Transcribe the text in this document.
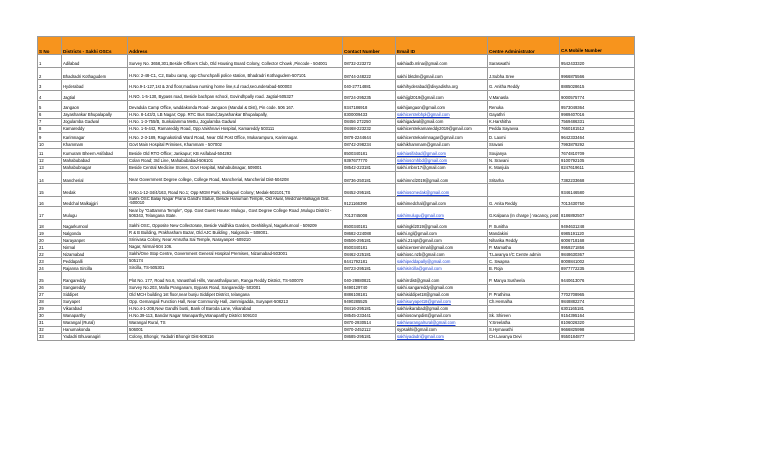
S No	Districts - Sakhi OSCs	Address	Contact Number	Email ID	Centre Administrator	CA Mobile Number
1	Adilabad	Survey No. 3658,301,Beside Officers Club, Old Housing Board Colony, Collector Chowk ,Pincode - 504001	08732-223272	sakhiadb.mlna@gmail.com	Saraswathi	9542433320
2	Bhadradri Kothagudem	H.No: 2-48-C1, C2, Babu camp, opp Chunchpalli police station, Bhadradri Kothagudem-507101	08744-248222	sakhi bktdm@gmail.com	J.Subha Sree	9966875566
3	Hyderabad	H.No.9-1-127,1st & 2nd floor,madava nursing home line,s.d road,secunderabad-500003	040-27714881	sakhihyderabad@divyadisha.org	G. Anitha Reddy	8885028615
4	Jagtial	H.NO. 1-5-130, Bypass road, Beside bachpan school, Govindhpally road. Jagtial-505327	08724-295235	sakhijgl2019@gmail.com	V.Manasla	9000575774
5	Jangaon	Devadula Camp Office, waddakonda Road- Jangaon (Mandal & Dist), Pin code. 506 167.	9347186918	sakhijangaon@gmail.com	Renuka	9573049364
6	Jayashankar Bhupalapally	H.No. 8-143/3, LB Nagar; Opp. RTC Bus Stand;Jayashankar Bhupalapally,	8300009433	sakhicentrebhpl@gmail.com	Gayathri	9989407016
7	Jogulamba Gadwal	H.No. 1-3-755/B, Sunkalamma Mettu, Jogulamba Gadwal	08456 272250	sakhigadwal@gmail.com	K.Harshitha	7569486331
8	Kamareddy	H.No. 1-5-442, Ramareddy Road, Opp.Vaishnavi Hospital, Kamareddy 503111	08468-223232	sakhicentrekamareddy2019@gmail.com	Pedda Sayavva	7660181512
9	Karimnagar	H.No. 2-3-189, Ragnakotindi Ward Road, Near Old Post Office, Mukarampura, Karimnagar.	0878-2244644	sakhicentrekarimnagar@gmail.com	D. Laxmi	9642333464
10	Khammam	Govt Main Hospital Primises, Khammam - 507002	08742-298234	sakhikhammam@gmail.com	Sravani	7993879292
11	Kumuram Bheem Asifabad	Beside Old RTO Office; Jankapur; KB Asifabad-504293	8500340181	sakhiasifabad@gmail.com	Soujanya	7674810709
12	Mahabubabad	Colan Road; 3rd Line, Mahabubabad-506101	9397677770	sakhioscmhbd@gmail.com	N. Sravani	9100792105
13	Mahabubnagar	Beside Central Medicine Stores, Govt Hospital, Mahabubnagar, 509001	08542-223181	sakhi.mbnr17@gmail.com	K. Manjula	8247619611
14	Mancherial	Near Government Degree college, College Road, Mancherial, Mancherial Dist-504208	08736-250181	sakhimncl2019@gmail.com	Sritarha	7382233668
15	Medak	H.No.1-12-34/4/163, Road No.1; Opp MGM Park; Indirapuri Colony; Medak-502101;TS	08452-295181	sakhioscmedak@gmail.com		9346146580
16	Medchal Malkajgiri	Sakhi OSC Balaji Nagar Prana Gandhi Statue, Beside Hanuman Temple, Old Alwal, Medchal-Malkajgiri Dist. -500010	9121166390	sakhimedchal@gmail.com	G. Anita Reddy	7013430750
17	Mulugu	Near by "Gattamma Temple", Opp. Govt Guest House: Mulugu , Govt Degree College Road ,Mulugu District - 506343, Telangana State.	7013745008	sakhimulugu@gmail.com	G.Kalpana (In charge ) Vacancy, post	8186892507
18	Nagarkurnool	Sakhi OSC, Opposite New Collectorate, Beside Vaidhika Garden, Deshitikyal, Nagarkurnool - 509209	8500340181	sakhingkl2019@gmail.com	P. Sunitha	9494631248
19	Nalgonda	R & B Building, Prakhasham Bazar, Old AJC Building , Nalgonda – 508001.	08682-224088	sakhi.ngl@gmail.com	Mandakini	6985191120
20	Narayanpet	Srinivasa Colony, Near Amrutha Sai Temple, Narayanpet -509210	08506-295181	sakhi.21npt@gmail.com	Niharika Reddy	6006718168
21	Nirmal	Nagar, Nirmal-504 106.	8500340181	sakhicenternirmal@gmail.com	P. Mamatha	9959271856
22	Nizamabad	Sakhi/One Stop Centre, Government General Hospital Premises, Nizamabad-503001	08462-225181	sakhiosc.nzb@gmail.com	T.Lavanya I/C Centre admin	9848630367
23	Peddapalli	505174	8441792181	sakhipeddapally@gmail.com	C. Swapna	8008841002
24	Rajanna Sircilla	Sircilla, TS-505301	08723-295181	sakhisircilla@gmail.com	B. Roja	8977772235
25	Rangareddy	Plot No. 177, Road No.6, Vanasthali Hills, Vanasthalipuram, Ranga Reddy District, TS-500070	040-29880821	sakhirrdist@gmail.com	P. Manya Susheela	9440613076
26	Sangareddy	Survey No.203, Malla Pranganam, Bypass Road, Sangareddy- 502001	9490129740	sakhi.sangareddy@gmail.com		
27	Siddipet	Old MCH building 1st floor,near bunju Siddipet District, telangana	8886108181	sakhisiddipet18@gmail.com	P. Prathima	7702708965
28	Suryapet	Opp. Gemangali Function Hall, Near Community Hall, Jammigadda, Suryapet-508213	9490285525	sakhisuryapet18@gmail.com	Ch.Hemalha	9848882274
29	Vikarabad	H.No.4-1-208,New Gandhi busti, Bank of Baroda Lane, Vikarabad	08416-295181	sakhivikarabad@gmail.com		6301165181
30	Wanaparthy	H.No.39-113, Bandar Nagar Wanaparthy,Wanaparthy District 509103	08545-233441	sakhioscwnpdist@gmail.com	Sk. Shireen	9154395164
31	Warangal (Rural)	Warangal Rural, TS	0870-2930514	sakhiwarangalrural@gmail.com	Y.Sreelatha	8106026320
32	Hanumakonda	506001	0870-2452112	sypsakhi@gmail.com	S.Hymavathi	9666825998
33	Yadadri Bhuvanagiri	Colony, Bhongir, Yadadri Bhongir Dist-508116	08685-295181	sakhiyadadri@gmail.com	CH.Lavanya Devi	9550184877
